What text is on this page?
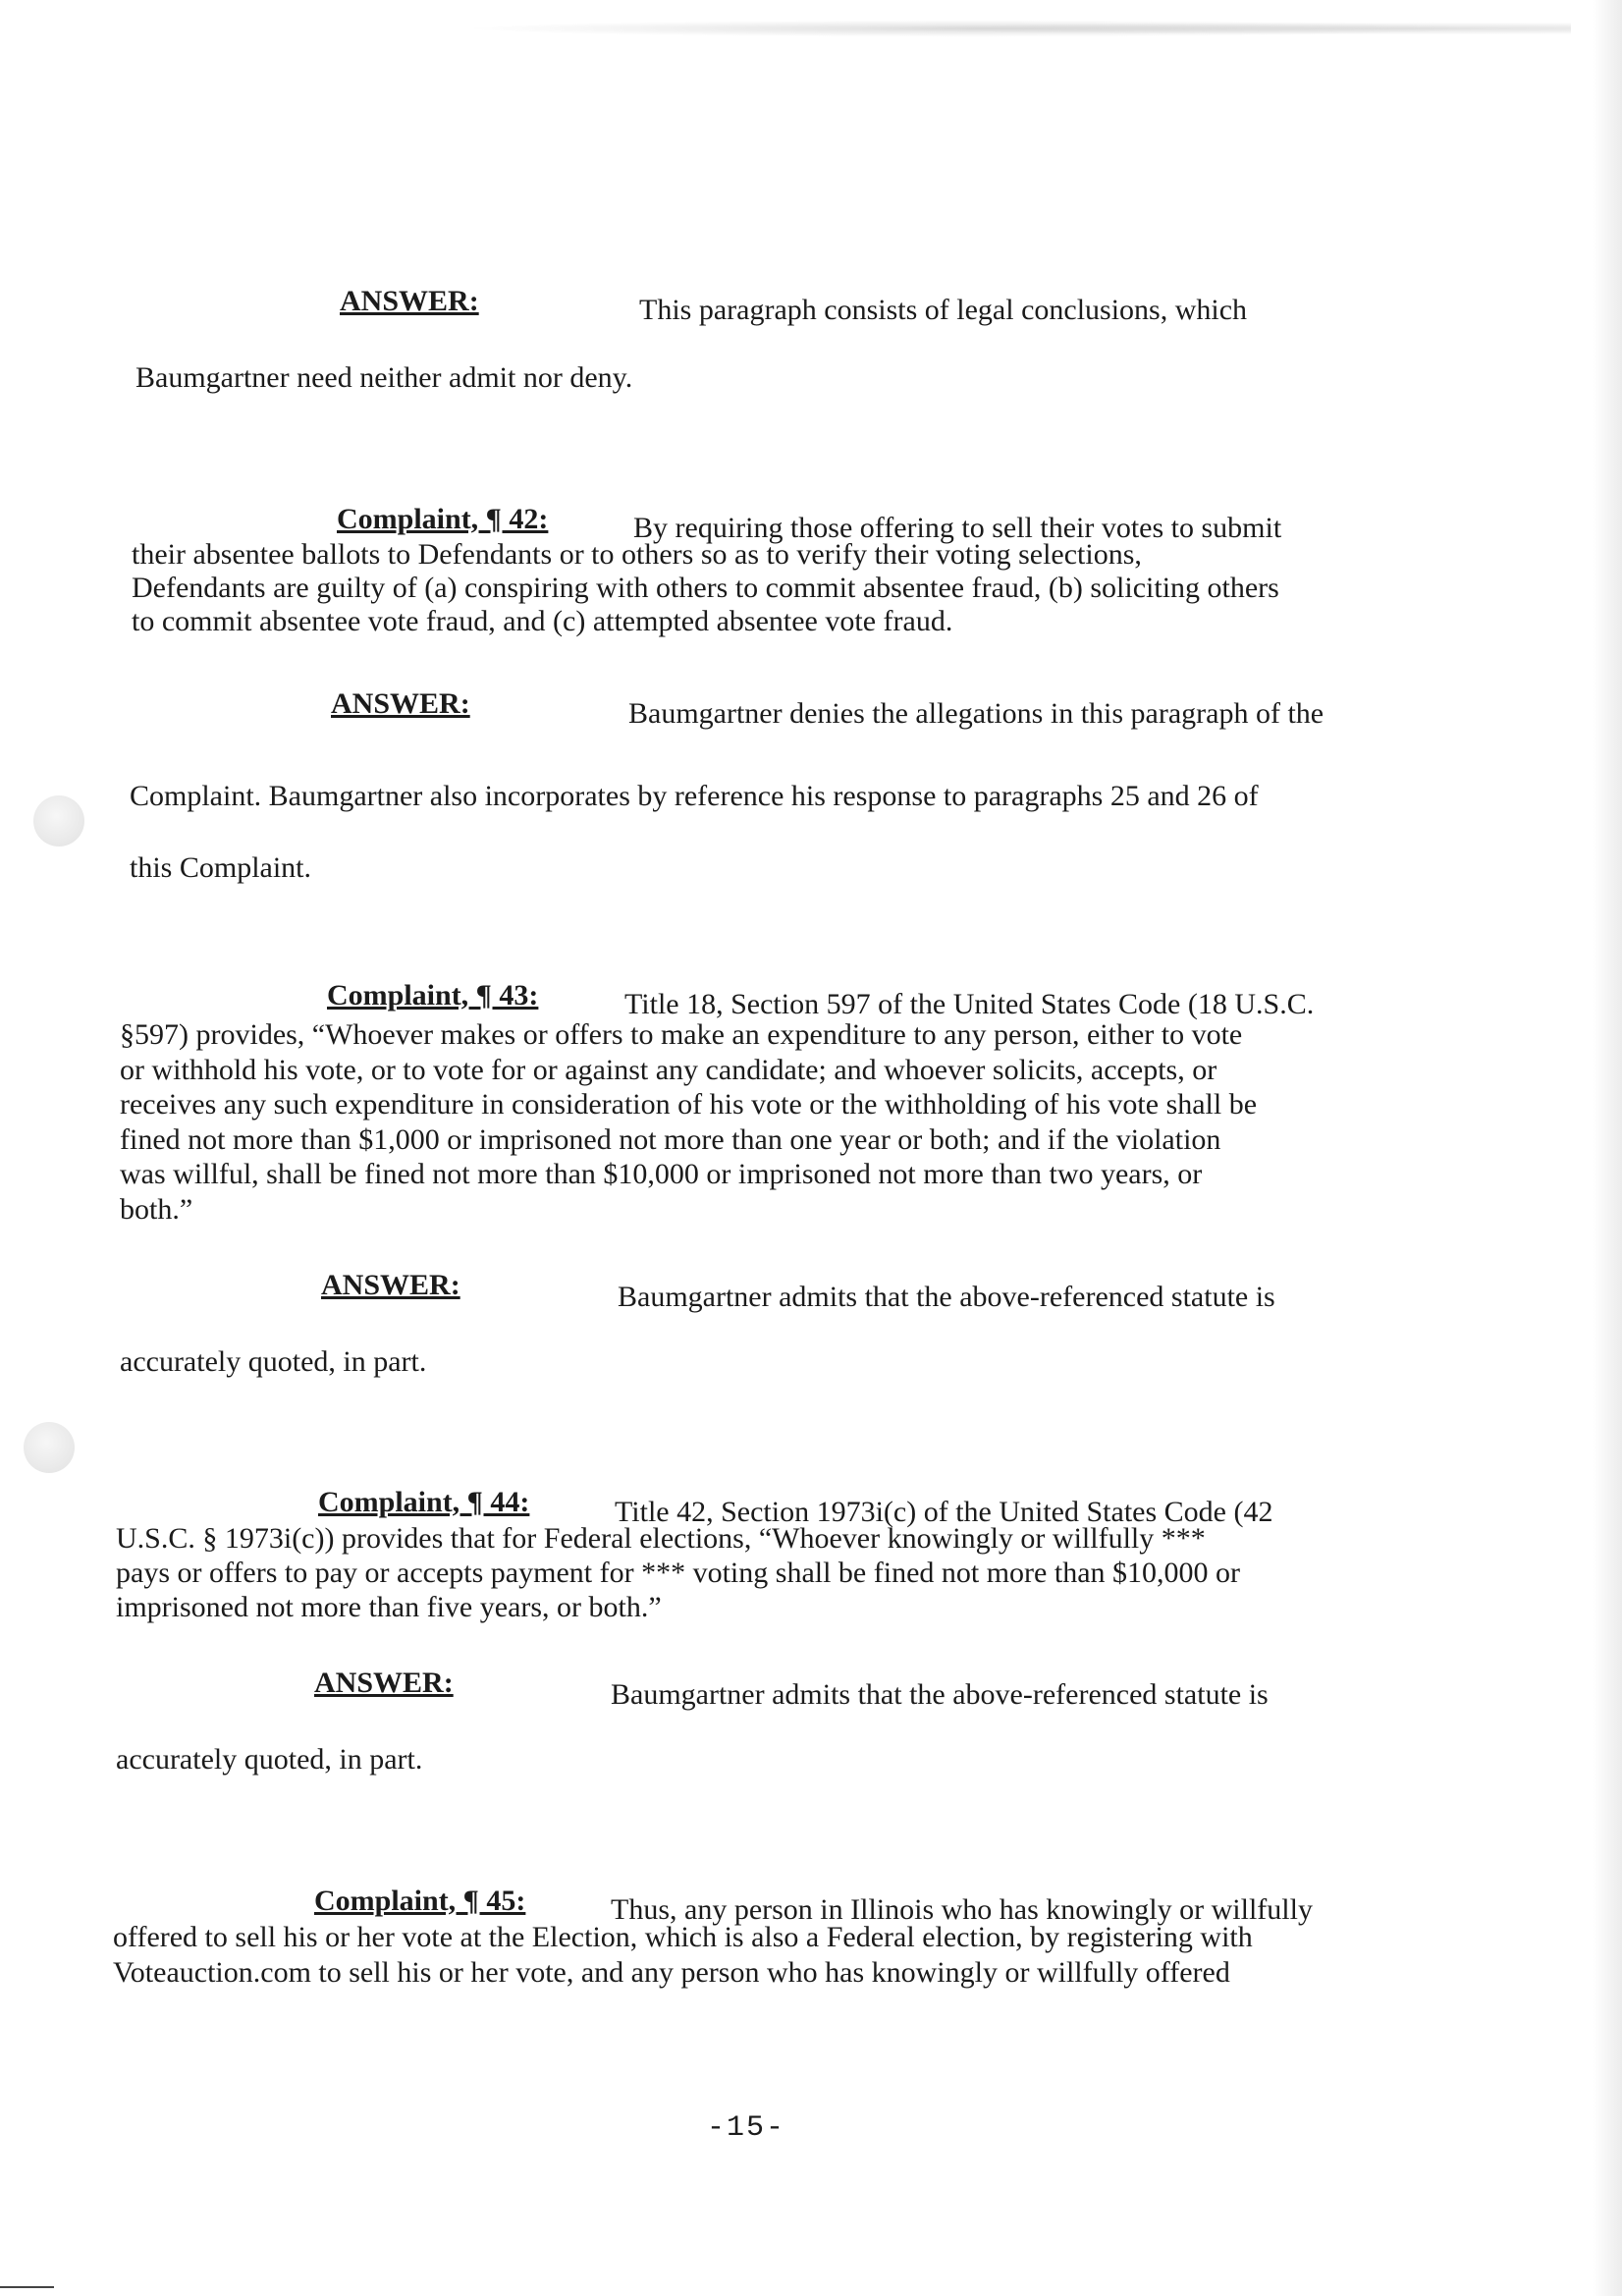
ANSWER:	This paragraph consists of legal conclusions, which
Baumgartner need neither admit nor deny.
Complaint, ¶ 42:	By requiring those offering to sell their votes to submit
their absentee ballots to Defendants or to others so as to verify their voting selections,
Defendants are guilty of (a) conspiring with others to commit absentee fraud, (b) soliciting others
to commit absentee vote fraud, and (c) attempted absentee vote fraud.
ANSWER:	Baumgartner denies the allegations in this paragraph of the
Complaint. Baumgartner also incorporates by reference his response to paragraphs 25 and 26 of
this Complaint.
Complaint, ¶ 43:	Title 18, Section 597 of the United States Code (18 U.S.C.
§597) provides, “Whoever makes or offers to make an expenditure to any person, either to vote
or withhold his vote, or to vote for or against any candidate; and whoever solicits, accepts, or
receives any such expenditure in consideration of his vote or the withholding of his vote shall be
fined not more than $1,000 or imprisoned not more than one year or both; and if the violation
was willful, shall be fined not more than $10,000 or imprisoned not more than two years, or
both.”
ANSWER:	Baumgartner admits that the above-referenced statute is
accurately quoted, in part.
Complaint, ¶ 44:	Title 42, Section 1973i(c) of the United States Code (42
U.S.C. § 1973i(c)) provides that for Federal elections, “Whoever knowingly or willfully ***
pays or offers to pay or accepts payment for *** voting shall be fined not more than $10,000 or
imprisoned not more than five years, or both.”
ANSWER:	Baumgartner admits that the above-referenced statute is
accurately quoted, in part.
Complaint, ¶ 45:	Thus, any person in Illinois who has knowingly or willfully
offered to sell his or her vote at the Election, which is also a Federal election, by registering with
Voteauction.com to sell his or her vote, and any person who has knowingly or willfully offered
-15-
